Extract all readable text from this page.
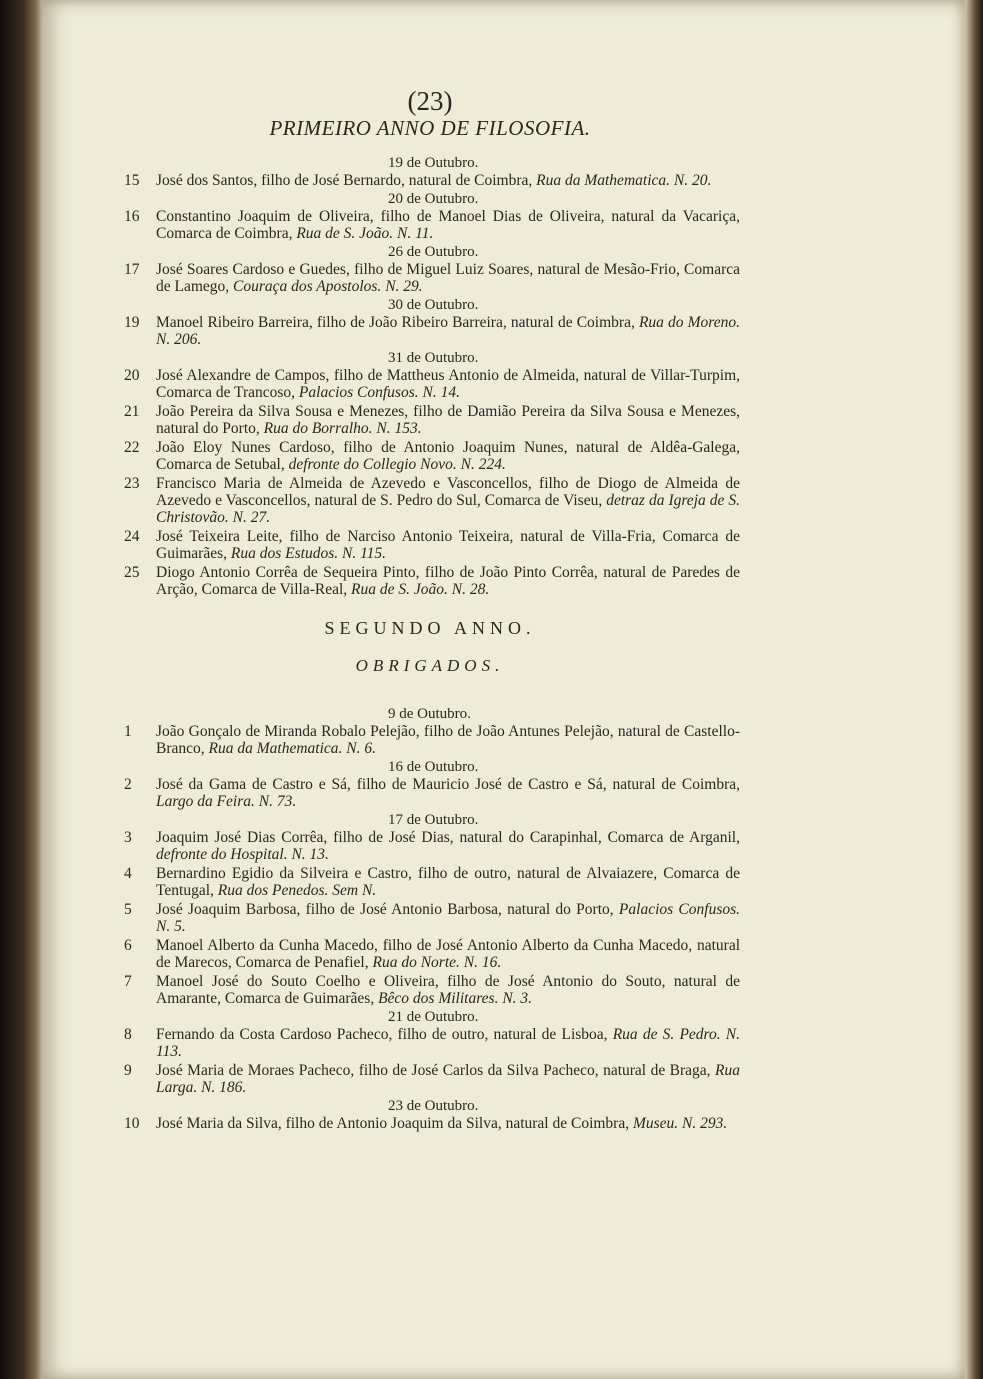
(23)
PRIMEIRO ANNO DE FILOSOFIA.
19 de Outubro.
15	José dos Santos, filho de José Bernardo, natural de Coimbra, Rua da Mathematica. N. 20.
20 de Outubro.
16	Constantino Joaquim de Oliveira, filho de Manoel Dias de Oliveira, natural da Vacariça, Comarca de Coimbra, Rua de S. João. N. 11.
26 de Outubro.
17	José Soares Cardoso e Guedes, filho de Miguel Luiz Soares, natural de Mesão-Frio, Comarca de Lamego, Couraça dos Apostolos. N. 29.
30 de Outubro.
19	Manoel Ribeiro Barreira, filho de João Ribeiro Barreira, natural de Coimbra, Rua do Moreno. N. 206.
31 de Outubro.
20	José Alexandre de Campos, filho de Mattheus Antonio de Almeida, natural de Villar-Turpim, Comarca de Trancoso, Palacios Confusos. N. 14.
21	João Pereira da Silva Sousa e Menezes, filho de Damião Pereira da Silva Sousa e Menezes, natural do Porto, Rua do Borralho. N. 153.
22	João Eloy Nunes Cardoso, filho de Antonio Joaquim Nunes, natural de Aldêa-Galega, Comarca de Setubal, defronte do Collegio Novo. N. 224.
23	Francisco Maria de Almeida de Azevedo e Vasconcellos, filho de Diogo de Almeida de Azevedo e Vasconcellos, natural de S. Pedro do Sul, Comarca de Viseu, detraz da Igreja de S. Christovão. N. 27.
24	José Teixeira Leite, filho de Narciso Antonio Teixeira, natural de Villa-Fria, Comarca de Guimarães, Rua dos Estudos. N. 115.
25	Diogo Antonio Corrêa de Sequeira Pinto, filho de João Pinto Corrêa, natural de Paredes de Arção, Comarca de Villa-Real, Rua de S. João. N. 28.
SEGUNDO ANNO.
OBRIGADOS.
9 de Outubro.
1	João Gonçalo de Miranda Robalo Pelejão, filho de João Antunes Pelejão, natural de Castello-Branco, Rua da Mathematica. N. 6.
16 de Outubro.
2	José da Gama de Castro e Sá, filho de Mauricio José de Castro e Sá, natural de Coimbra, Largo da Feira. N. 73.
17 de Outubro.
3	Joaquim José Dias Corrêa, filho de José Dias, natural do Carapinhal, Comarca de Arganil, defronte do Hospital. N. 13.
4	Bernardino Egidio da Silveira e Castro, filho de outro, natural de Alvaiazere, Comarca de Tentugal, Rua dos Penedos. Sem N.
5	José Joaquim Barbosa, filho de José Antonio Barbosa, natural do Porto, Palacios Confusos. N. 5.
6	Manoel Alberto da Cunha Macedo, filho de José Antonio Alberto da Cunha Macedo, natural de Marecos, Comarca de Penafiel, Rua do Norte. N. 16.
7	Manoel José do Souto Coelho e Oliveira, filho de José Antonio do Souto, natural de Amarante, Comarca de Guimarães, Bêco dos Militares. N. 3.
21 de Outubro.
8	Fernando da Costa Cardoso Pacheco, filho de outro, natural de Lisboa, Rua de S. Pedro. N. 113.
9	José Maria de Moraes Pacheco, filho de José Carlos da Silva Pacheco, natural de Braga, Rua Larga. N. 186.
23 de Outubro.
10	José Maria da Silva, filho de Antonio Joaquim da Silva, natural de Coimbra, Museu. N. 293.
